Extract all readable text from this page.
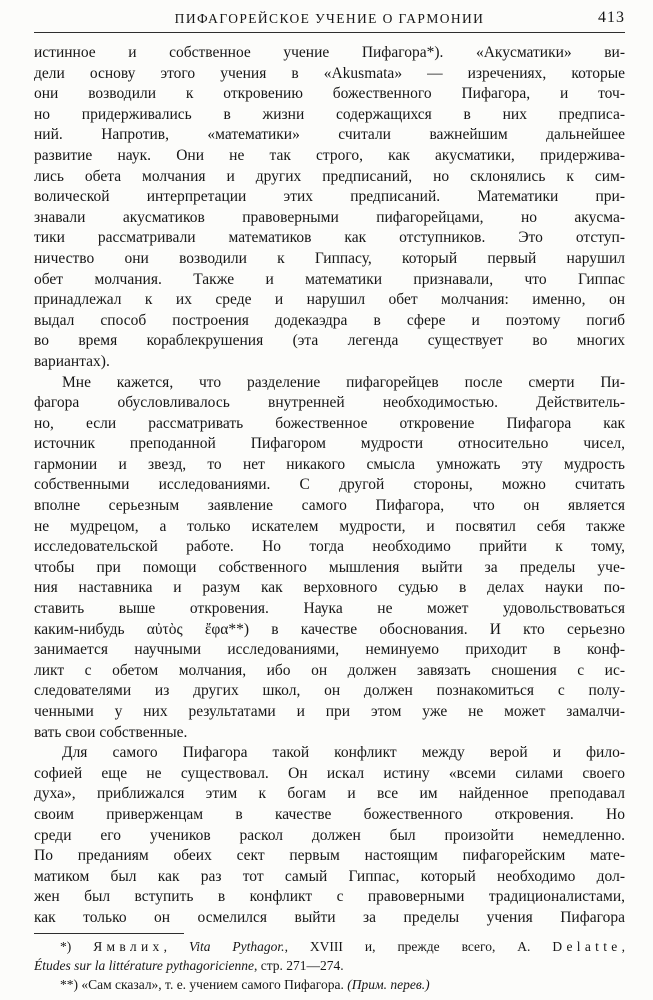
ПИФАГОРЕЙСКОЕ УЧЕНИЕ О ГАРМОНИИ	413
истинное и собственное учение Пифагора*). «Акусматики» ви-
дели основу этого учения в «Akusmata» — изречениях, которые
они возводили к откровению божественного Пифагора, и точ-
но придерживались в жизни содержащихся в них предписа-
ний. Напротив, «математики» считали важнейшим дальнейшее
развитие наук. Они не так строго, как акусматики, придержива-
лись обета молчания и других предписаний, но склонялись к сим-
волической интерпретации этих предписаний. Математики при-
знавали акусматиков правоверными пифагорейцами, но акусма-
тики рассматривали математиков как отступников. Это отступ-
ничество они возводили к Гиппасу, который первый нарушил
обет молчания. Также и математики признавали, что Гиппас
принадлежал к их среде и нарушил обет молчания: именно, он
выдал способ построения додекаэдра в сфере и поэтому погиб
во время кораблекрушения (эта легенда существует во многих
вариантах).
Мне кажется, что разделение пифагорейцев после смерти Пи-
фагора обусловливалось внутренней необходимостью. Действитель-
но, если рассматривать божественное откровение Пифагора как
источник преподанной Пифагором мудрости относительно чисел,
гармонии и звезд, то нет никакого смысла умножать эту мудрость
собственными исследованиями. С другой стороны, можно считать
вполне серьезным заявление самого Пифагора, что он является
не мудрецом, а только искателем мудрости, и посвятил себя также
исследовательской работе. Но тогда необходимо прийти к тому,
чтобы при помощи собственного мышления выйти за пределы уче-
ния наставника и разум как верховного судью в делах науки по-
ставить выше откровения. Наука не может удовольствоваться
каким-нибудь αὐτὸς ἔφα**) в качестве обоснования. И кто серьезно
занимается научными исследованиями, неминуемо приходит в конф-
ликт с обетом молчания, ибо он должен завязать сношения с ис-
следователями из других школ, он должен познакомиться с полу-
ченными у них результатами и при этом уже не может замалчи-
вать свои собственные.
Для самого Пифагора такой конфликт между верой и фило-
софией еще не существовал. Он искал истину «всеми силами своего
духа», приближался этим к богам и все им найденное преподавал
своим приверженцам в качестве божественного откровения. Но
среди его учеников раскол должен был произойти немедленно.
По преданиям обеих сект первым настоящим пифагорейским мате-
матиком был как раз тот самый Гиппас, который необходимо дол-
жен был вступить в конфликт с правоверными традиционалистами,
как только он осмелился выйти за пределы учения Пифагора
*) Ямвлих, Vita Pythagor., XVIII и, прежде всего, A. Delatte,
Études sur la littérature pythagoricienne, стр. 271—274.
**) «Сам сказал», т. е. учением самого Пифагора. (Прим. перев.)
